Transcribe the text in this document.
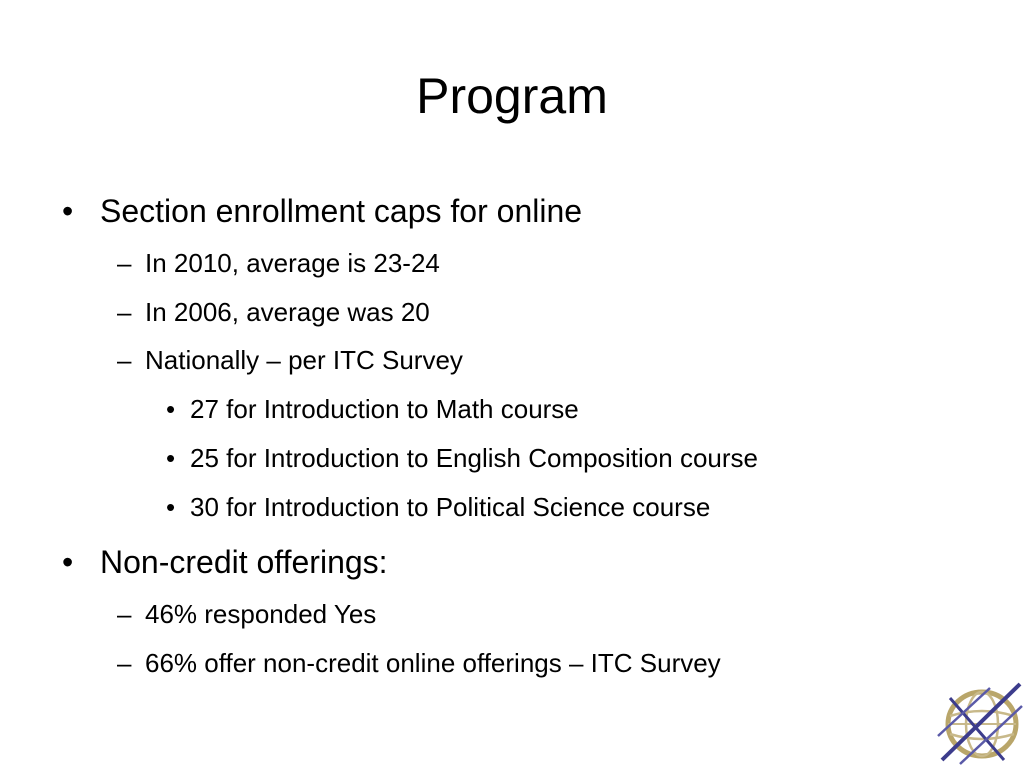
Program
• Section enrollment caps for online
– In 2010, average is 23-24
– In 2006, average was 20
– Nationally – per ITC Survey
• 27 for Introduction to Math course
• 25 for Introduction to English Composition course
• 30 for Introduction to Political Science course
• Non-credit offerings:
– 46% responded Yes
– 66% offer non-credit online offerings – ITC Survey
